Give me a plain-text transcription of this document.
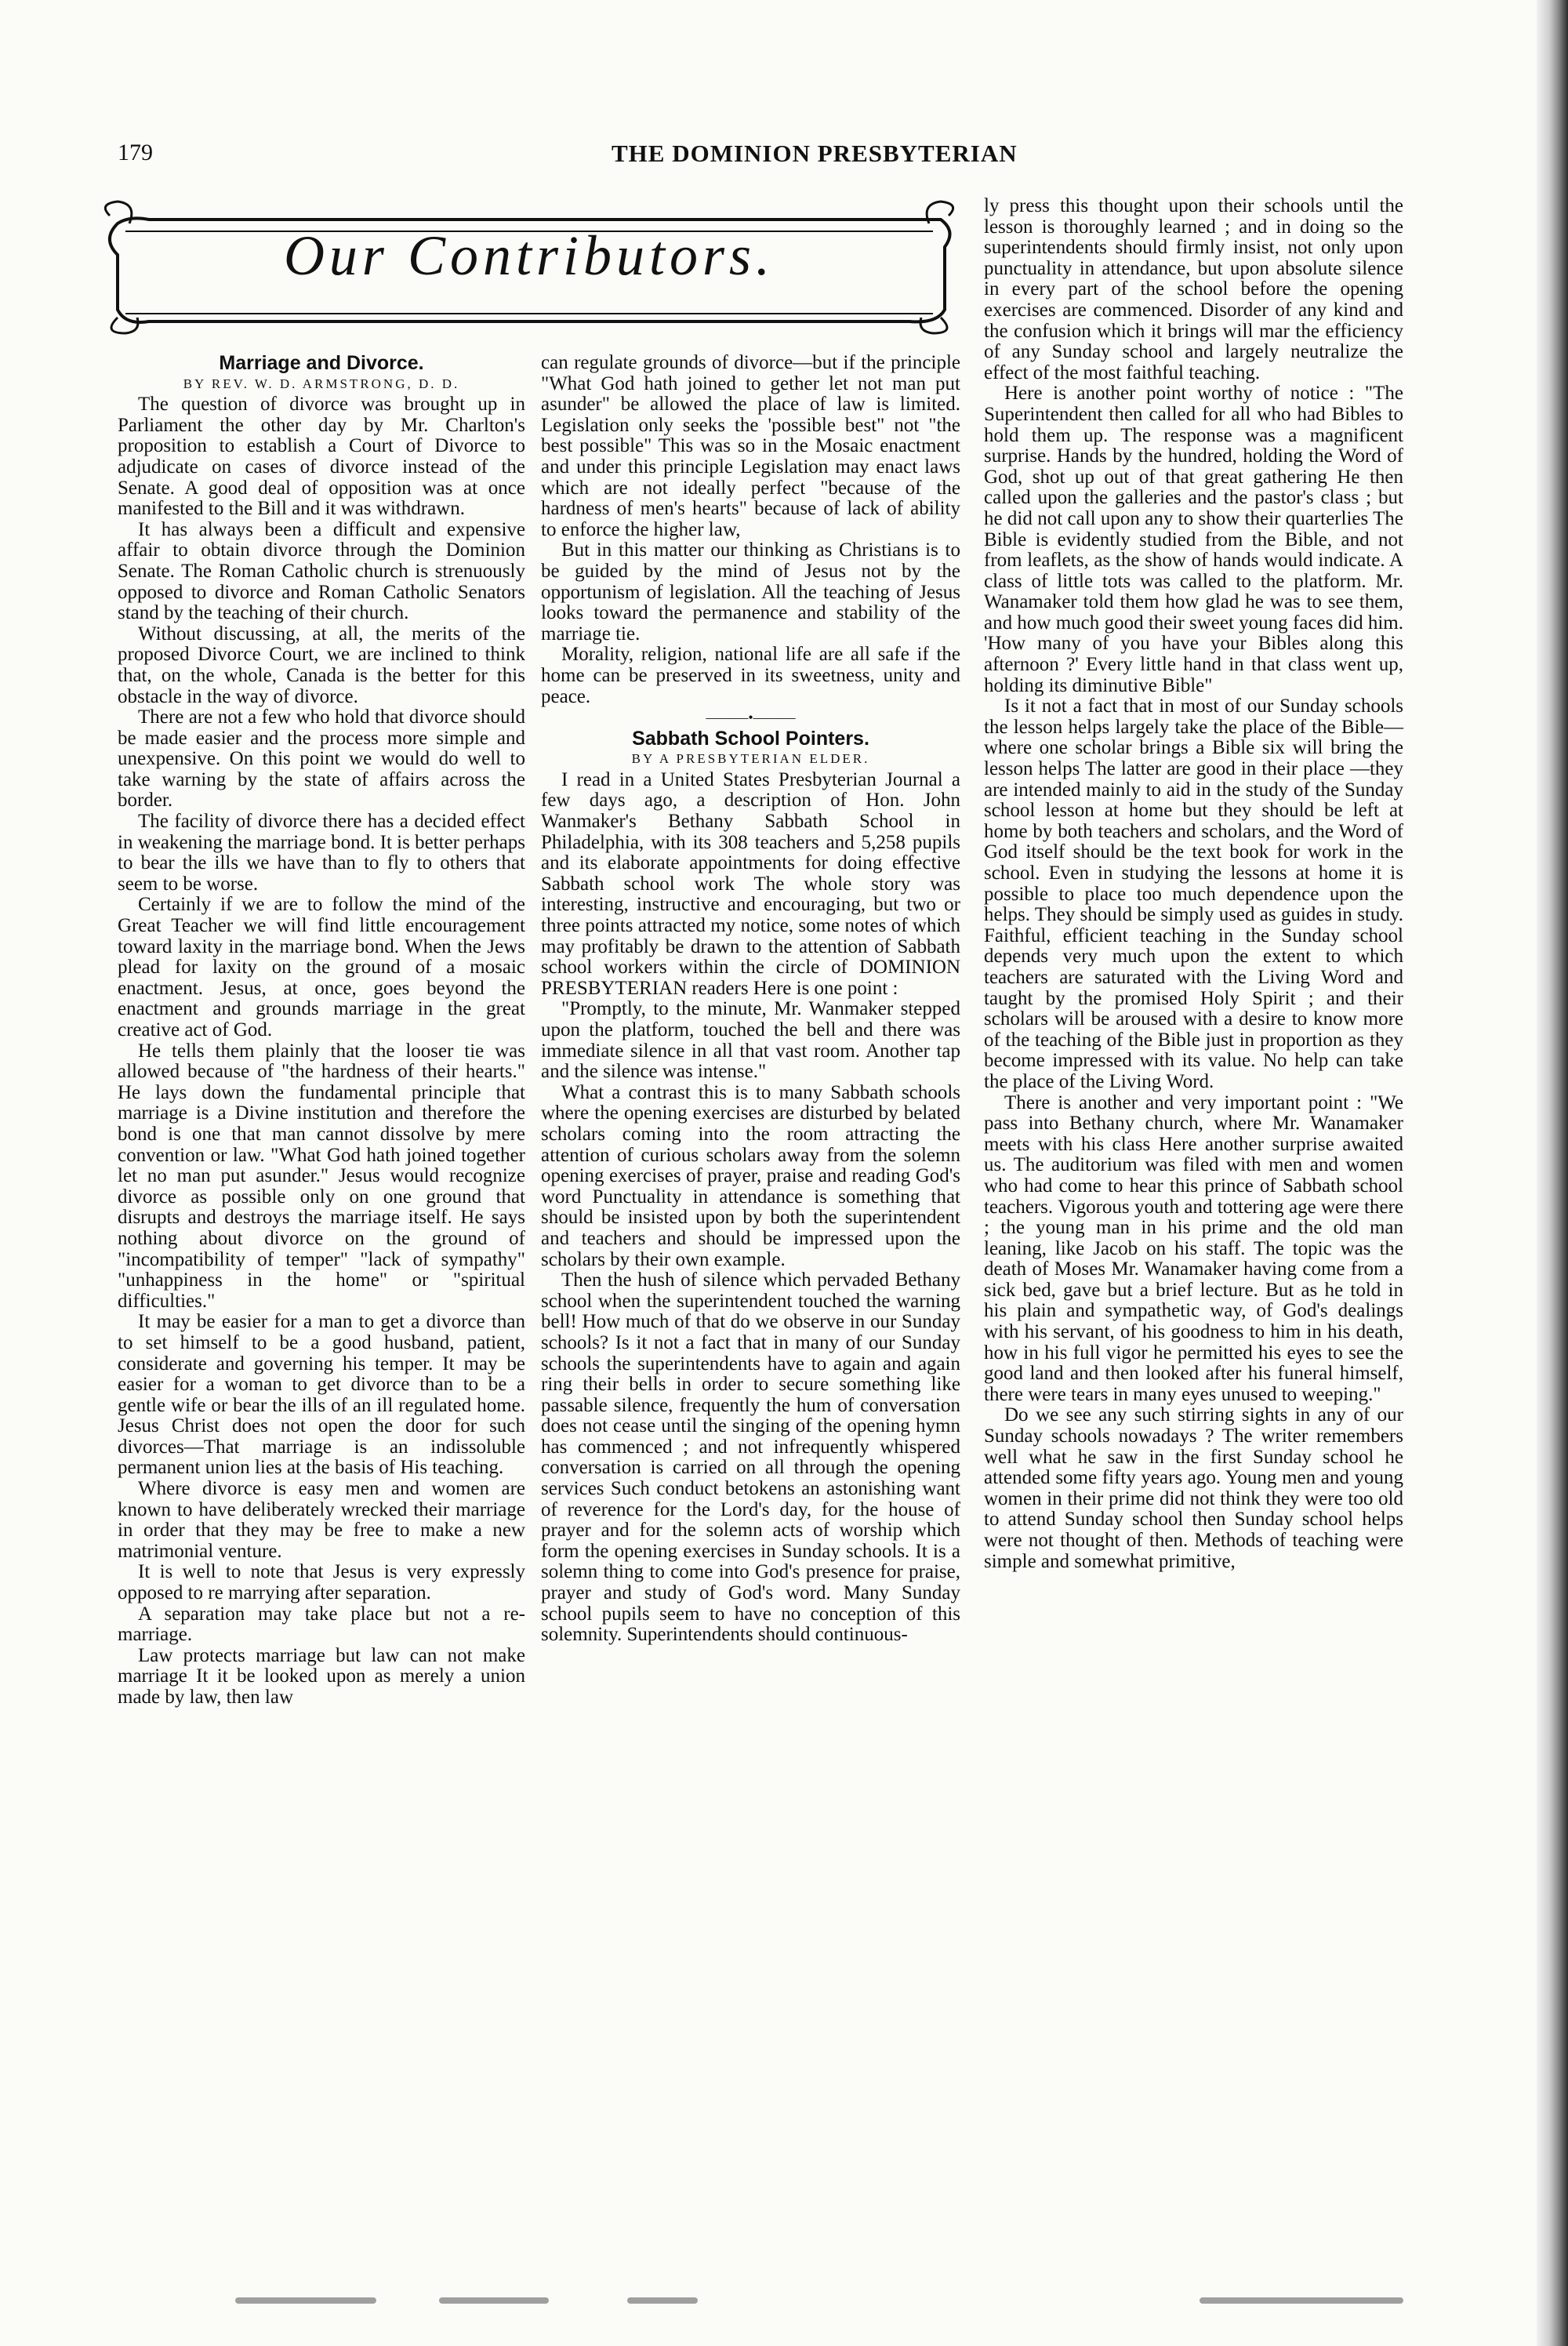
179	THE DOMINION PRESBYTERIAN
Our Contributors.

Marriage and Divorce.

BY REV. W. D. ARMSTRONG, D. D.

The question of divorce was brought up in Parliament the other day by Mr. Charlton's proposition to establish a Court of Divorce to adjudicate on cases of divorce instead of the Senate. A good deal of opposition was at once manifested to the Bill and it was withdrawn.

It has always been a difficult and expensive affair to obtain divorce through the Dominion Senate. The Roman Catholic church is strenuously opposed to divorce and Roman Catholic Senators stand by the teaching of their church.

Without discussing, at all, the merits of the proposed Divorce Court, we are inclined to think that, on the whole, Canada is the better for this obstacle in the way of divorce.

There are not a few who hold that divorce should be made easier and the process more simple and unexpensive. On this point we would do well to take warning by the state of affairs across the border.

The facility of divorce there has a decided effect in weakening the marriage bond. It is better perhaps to bear the ills we have than to fly to others that seem to be worse.

Certainly if we are to follow the mind of the Great Teacher we will find little encouragement toward laxity in the marriage bond. When the Jews plead for laxity on the ground of a mosaic enactment. Jesus, at once, goes beyond the enactment and grounds marriage in the great creative act of God.

He tells them plainly that the looser tie was allowed because of "the hardness of their hearts." He lays down the fundamental principle that marriage is a Divine institution and therefore the bond is one that man cannot dissolve by mere convention or law. "What God hath joined together let no man put asunder." Jesus would recognize divorce as possible only on one ground that disrupts and destroys the marriage itself. He says nothing about divorce on the ground of "incompatibility of temper" "lack of sympathy" "unhappiness in the home" or "spiritual difficulties."

It may be easier for a man to get a divorce than to set himself to be a good husband, patient, considerate and governing his temper. It may be easier for a woman to get divorce than to be a gentle wife or bear the ills of an ill regulated home. Jesus Christ does not open the door for such divorces—That marriage is an indissoluble permanent union lies at the basis of His teaching.

Where divorce is easy men and women are known to have deliberately wrecked their marriage in order that they may be free to make a new matrimonial venture.

It is well to note that Jesus is very expressly opposed to re marrying after separation.

A separation may take place but not a re-marriage.

Law protects marriage but law can not make marriage It it be looked upon as merely a union made by law, then law

can regulate grounds of divorce—but if the principle "What God hath joined to gether let not man put asunder" be allowed the place of law is limited. Legislation only seeks the 'possible best" not "the best possible" This was so in the Mosaic enactment and under this principle Legislation may enact laws which are not ideally perfect "because of the hardness of men's hearts" because of lack of ability to enforce the higher law,

But in this matter our thinking as Christians is to be guided by the mind of Jesus not by the opportunism of legislation. All the teaching of Jesus looks toward the permanence and stability of the marriage tie.

Morality, religion, national life are all safe if the home can be preserved in its sweetness, unity and peace.

———•———

Sabbath School Pointers.

BY A PRESBYTERIAN ELDER.

I read in a United States Presbyterian Journal a few days ago, a description of Hon. John Wanmaker's Bethany Sabbath School in Philadelphia, with its 308 teachers and 5,258 pupils and its elaborate appointments for doing effective Sabbath school work The whole story was interesting, instructive and encouraging, but two or three points attracted my notice, some notes of which may profitably be drawn to the attention of Sabbath school workers within the circle of DOMINION PRESBYTERIAN readers Here is one point :

"Promptly, to the minute, Mr. Wanmaker stepped upon the platform, touched the bell and there was immediate silence in all that vast room. Another tap and the silence was intense."

What a contrast this is to many Sabbath schools where the opening exercises are disturbed by belated scholars coming into the room attracting the attention of curious scholars away from the solemn opening exercises of prayer, praise and reading God's word Punctuality in attendance is something that should be insisted upon by both the superintendent and teachers and should be impressed upon the scholars by their own example.

Then the hush of silence which pervaded Bethany school when the superintendent touched the warning bell! How much of that do we observe in our Sunday schools? Is it not a fact that in many of our Sunday schools the superintendents have to again and again ring their bells in order to secure something like passable silence, frequently the hum of conversation does not cease until the singing of the opening hymn has commenced ; and not infrequently whispered conversation is carried on all through the opening services Such conduct betokens an astonishing want of reverence for the Lord's day, for the house of prayer and for the solemn acts of worship which form the opening exercises in Sunday schools. It is a solemn thing to come into God's presence for praise, prayer and study of God's word. Many Sunday school pupils seem to have no conception of this solemnity. Superintendents should continuous-

ly press this thought upon their schools until the lesson is thoroughly learned ; and in doing so the superintendents should firmly insist, not only upon punctuality in attendance, but upon absolute silence in every part of the school before the opening exercises are commenced. Disorder of any kind and the confusion which it brings will mar the efficiency of any Sunday school and largely neutralize the effect of the most faithful teaching.

Here is another point worthy of notice : "The Superintendent then called for all who had Bibles to hold them up. The response was a magnificent surprise. Hands by the hundred, holding the Word of God, shot up out of that great gathering He then called upon the galleries and the pastor's class ; but he did not call upon any to show their quarterlies The Bible is evidently studied from the Bible, and not from leaflets, as the show of hands would indicate. A class of little tots was called to the platform. Mr. Wanamaker told them how glad he was to see them, and how much good their sweet young faces did him. 'How many of you have your Bibles along this afternoon ?' Every little hand in that class went up, holding its diminutive Bible"

Is it not a fact that in most of our Sunday schools the lesson helps largely take the place of the Bible—where one scholar brings a Bible six will bring the lesson helps The latter are good in their place —they are intended mainly to aid in the study of the Sunday school lesson at home but they should be left at home by both teachers and scholars, and the Word of God itself should be the text book for work in the school. Even in studying the lessons at home it is possible to place too much dependence upon the helps. They should be simply used as guides in study. Faithful, efficient teaching in the Sunday school depends very much upon the extent to which teachers are saturated with the Living Word and taught by the promised Holy Spirit ; and their scholars will be aroused with a desire to know more of the teaching of the Bible just in proportion as they become impressed with its value. No help can take the place of the Living Word.

There is another and very important point : "We pass into Bethany church, where Mr. Wanamaker meets with his class Here another surprise awaited us. The auditorium was filed with men and women who had come to hear this prince of Sabbath school teachers. Vigorous youth and tottering age were there ; the young man in his prime and the old man leaning, like Jacob on his staff. The topic was the death of Moses Mr. Wanamaker having come from a sick bed, gave but a brief lecture. But as he told in his plain and sympathetic way, of God's dealings with his servant, of his goodness to him in his death, how in his full vigor he permitted his eyes to see the good land and then looked after his funeral himself, there were tears in many eyes unused to weeping."

Do we see any such stirring sights in any of our Sunday schools nowadays ? The writer remembers well what he saw in the first Sunday school he attended some fifty years ago. Young men and young women in their prime did not think they were too old to attend Sunday school then Sunday school helps were not thought of then. Methods of teaching were simple and somewhat primitive,
